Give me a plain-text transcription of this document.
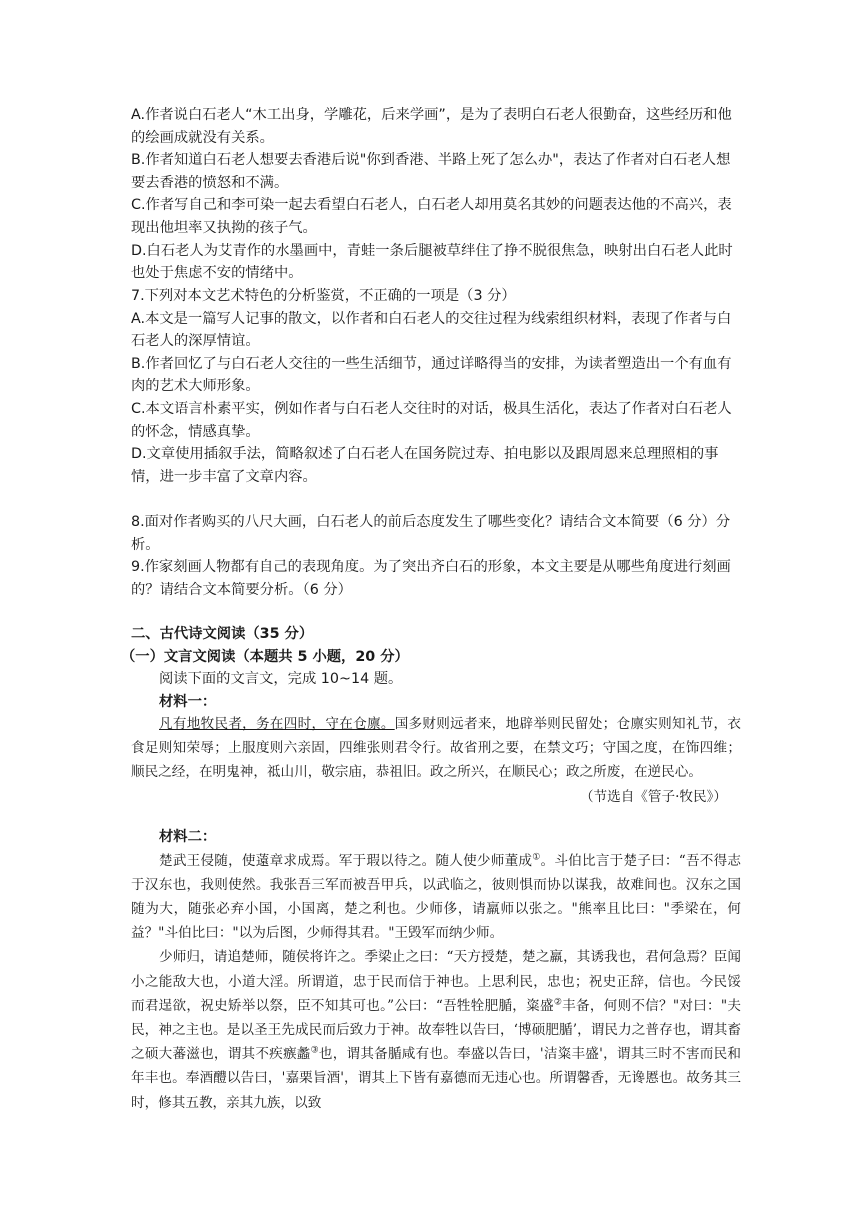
A.作者说白石老人“木工出身，学雕花，后来学画”，是为了表明白石老人很勤奋，这些经历和他的绘画成就没有关系。

B.作者知道白石老人想要去香港后说"你到香港、半路上死了怎么办"，表达了作者对白石老人想要去香港的愤怒和不满。

C.作者写自己和李可染一起去看望白石老人，白石老人却用莫名其妙的问题表达他的不高兴，表现出他坦率又执拗的孩子气。

D.白石老人为艾青作的水墨画中，青蛙一条后腿被草绊住了挣不脱很焦急，映射出白石老人此时也处于焦虑不安的情绪中。

7.下列对本文艺术特色的分析鉴赏，不正确的一项是（3 分）

A.本文是一篇写人记事的散文，以作者和白石老人的交往过程为线索组织材料，表现了作者与白石老人的深厚情谊。

B.作者回忆了与白石老人交往的一些生活细节，通过详略得当的安排，为读者塑造出一个有血有肉的艺术大师形象。

C.本文语言朴素平实，例如作者与白石老人交往时的对话，极具生活化，表达了作者对白石老人的怀念，情感真挚。

D.文章使用插叙手法，简略叙述了白石老人在国务院过寿、拍电影以及跟周恩来总理照相的事情，进一步丰富了文章内容。

8.面对作者购买的八尺大画，白石老人的前后态度发生了哪些变化？请结合文本简要（6 分）分析。

9.作家刻画人物都有自己的表现角度。为了突出齐白石的形象，本文主要是从哪些角度进行刻画的？请结合文本简要分析。（6 分）

二、古代诗文阅读（35 分）

（一）文言文阅读（本题共 5 小题，20 分）

阅读下面的文言文，完成 10~14 题。

材料一：

凡有地牧民者，务在四时，守在仓廪。国多财则远者来，地辟举则民留处；仓廪实则知礼节，衣食足则知荣辱；上服度则六亲固，四维张则君令行。故省刑之要，在禁文巧；守国之度，在饰四维；顺民之经，在明鬼神，祗山川，敬宗庙，恭祖旧。政之所兴，在顺民心；政之所废，在逆民心。

（节选自《管子·牧民》）

材料二：

楚武王侵随，使薳章求成焉。军于瑕以待之。随人使少师董成①。斗伯比言于楚子曰：“吾不得志于汉东也，我则使然。我张吾三军而被吾甲兵，以武临之，彼则惧而协以谋我，故难间也。汉东之国随为大，随张必弃小国，小国离，楚之利也。少师侈，请羸师以张之。"熊率且比曰："季梁在，何益？"斗伯比曰："以为后图，少师得其君。"王毁军而纳少师。

少师归，请追楚师，随侯将许之。季梁止之曰：“天方授楚，楚之羸，其诱我也，君何急焉？臣闻小之能敌大也，小道大淫。所谓道，忠于民而信于神也。上思利民，忠也；祝史正辞，信也。今民馁而君逞欲，祝史矫举以祭，臣不知其可也。”公曰：“吾牲牷肥腯，粢盛②丰备，何则不信？"对曰："夫民，神之主也。是以圣王先成民而后致力于神。故奉牲以告曰，‘博硕肥腯’，谓民力之普存也，谓其畜之硕大蕃滋也，谓其不疾瘯蠡③也，谓其备腯咸有也。奉盛以告曰，'洁粢丰盛'，谓其三时不害而民和年丰也。奉酒醴以告曰，'嘉栗旨酒'，谓其上下皆有嘉德而无违心也。所谓馨香，无谗慝也。故务其三时，修其五教，亲其九族，以致
